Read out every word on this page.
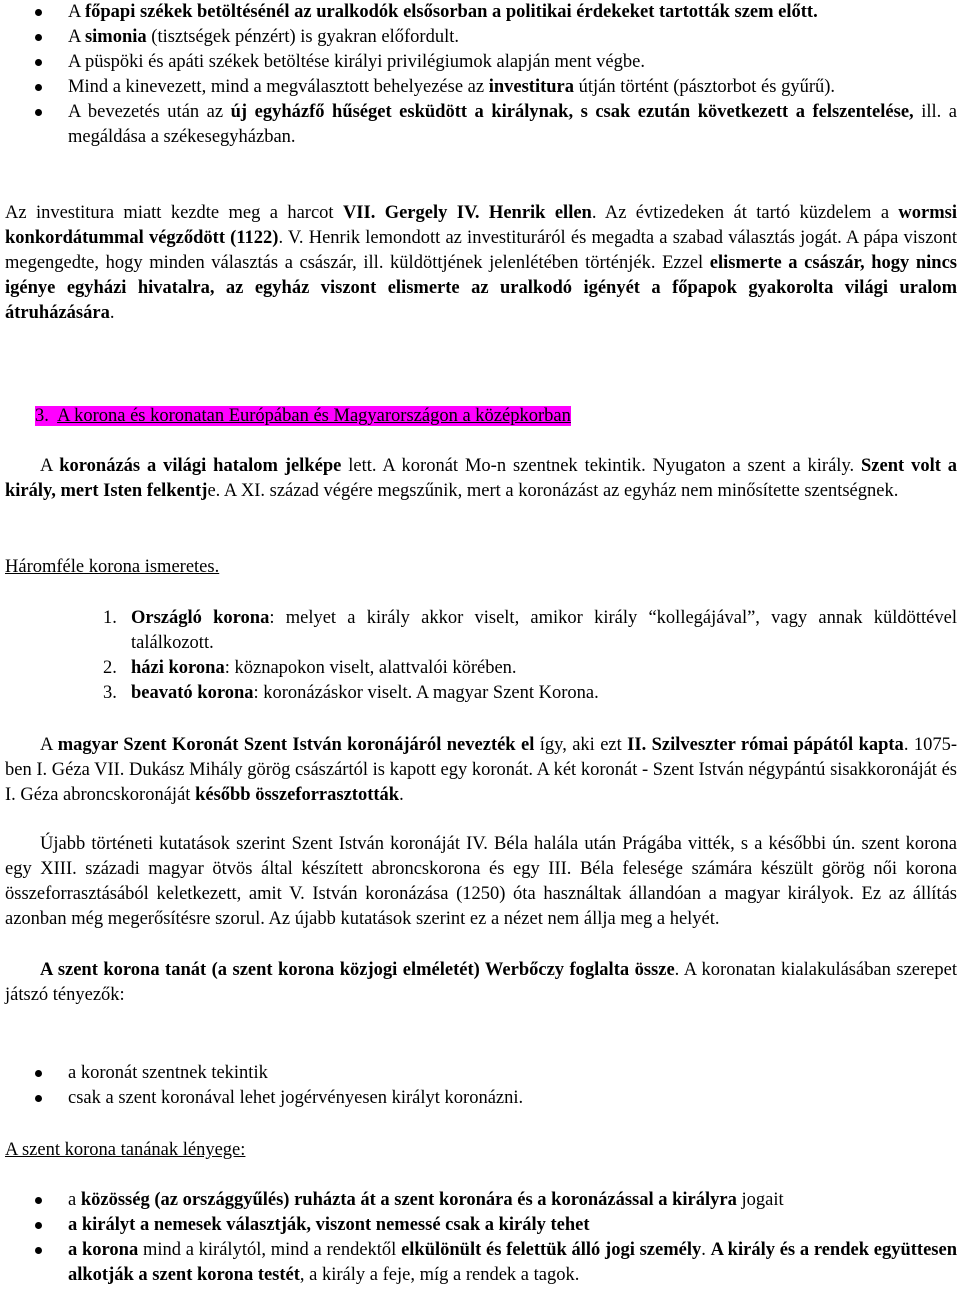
A főpapi székek betöltésénél az uralkodók elsősorban a politikai érdekeket tartották szem előtt.
A simonia (tisztségek pénzért) is gyakran előfordult.
A püspöki és apáti székek betöltése királyi privilégiumok alapján ment végbe.
Mind a kinevezett, mind a megválasztott behelyezése az investitura útján történt (pásztorbot és gyűrű).
A bevezetés után az új egyházfő hűséget esküdött a királynak, s csak ezután következett a felszentelése, ill. a megáldása a székesegyházban.

Az investitura miatt kezdte meg a harcot VII. Gergely IV. Henrik ellen. Az évtizedeken át tartó küzdelem a wormsi konkordátummal végződött (1122). V. Henrik lemondott az investituráról és megadta a szabad választás jogát. A pápa viszont megengedte, hogy minden választás a császár, ill. küldöttjének jelenlétében történjék. Ezzel elismerte a császár, hogy nincs igénye egyházi hivatalra, az egyház viszont elismerte az uralkodó igényét a főpapok gyakorolta világi uralom átruházására.

3. A korona és koronatan Európában és Magyarországon a középkorban

A koronázás a világi hatalom jelképe lett. A koronát Mo-n szentnek tekintik. Nyugaton a szent a király. Szent volt a király, mert Isten felkentje. A XI. század végére megszűnik, mert a koronázást az egyház nem minősítette szentségnek.

Háromféle korona ismeretes.

1. Országló korona: melyet a király akkor viselt, amikor király “kollegájával”, vagy annak küldöttével találkozott.
2. házi korona: köznapokon viselt, alattvalói körében.
3. beavató korona: koronázáskor viselt. A magyar Szent Korona.

A magyar Szent Koronát Szent István koronájáról nevezték el így, aki ezt II. Szilveszter római pápától kapta. 1075-ben I. Géza VII. Dukász Mihály görög császártól is kapott egy koronát. A két koronát - Szent István négypántú sisakkoronáját és I. Géza abroncskoronáját később összeforrasztották.

Újabb történeti kutatások szerint Szent István koronáját IV. Béla halála után Prágába vitték, s a későbbi ún. szent korona egy XIII. századi magyar ötvös által készített abroncskorona és egy III. Béla felesége számára készült görög női korona összeforrasztásából keletkezett, amit V. István koronázása (1250) óta használtak állandóan a magyar királyok. Ez az állítás azonban még megerősítésre szorul. Az újabb kutatások szerint ez a nézet nem állja meg a helyét.

A szent korona tanát (a szent korona közjogi elméletét) Werbőczy foglalta össze. A koronatan kialakulásában szerepet játszó tényezők:

a koronát szentnek tekintik
csak a szent koronával lehet jogérvényesen királyt koronázni.

A szent korona tanának lényege:

a közösség (az országgyűlés) ruházta át a szent koronára és a koronázással a királyra jogait
a királyt a nemesek választják, viszont nemessé csak a király tehet
a korona mind a királytól, mind a rendektől elkülönült és felettük álló jogi személy. A király és a rendek együttesen alkotják a szent korona testét, a király a feje, míg a rendek a tagok.
